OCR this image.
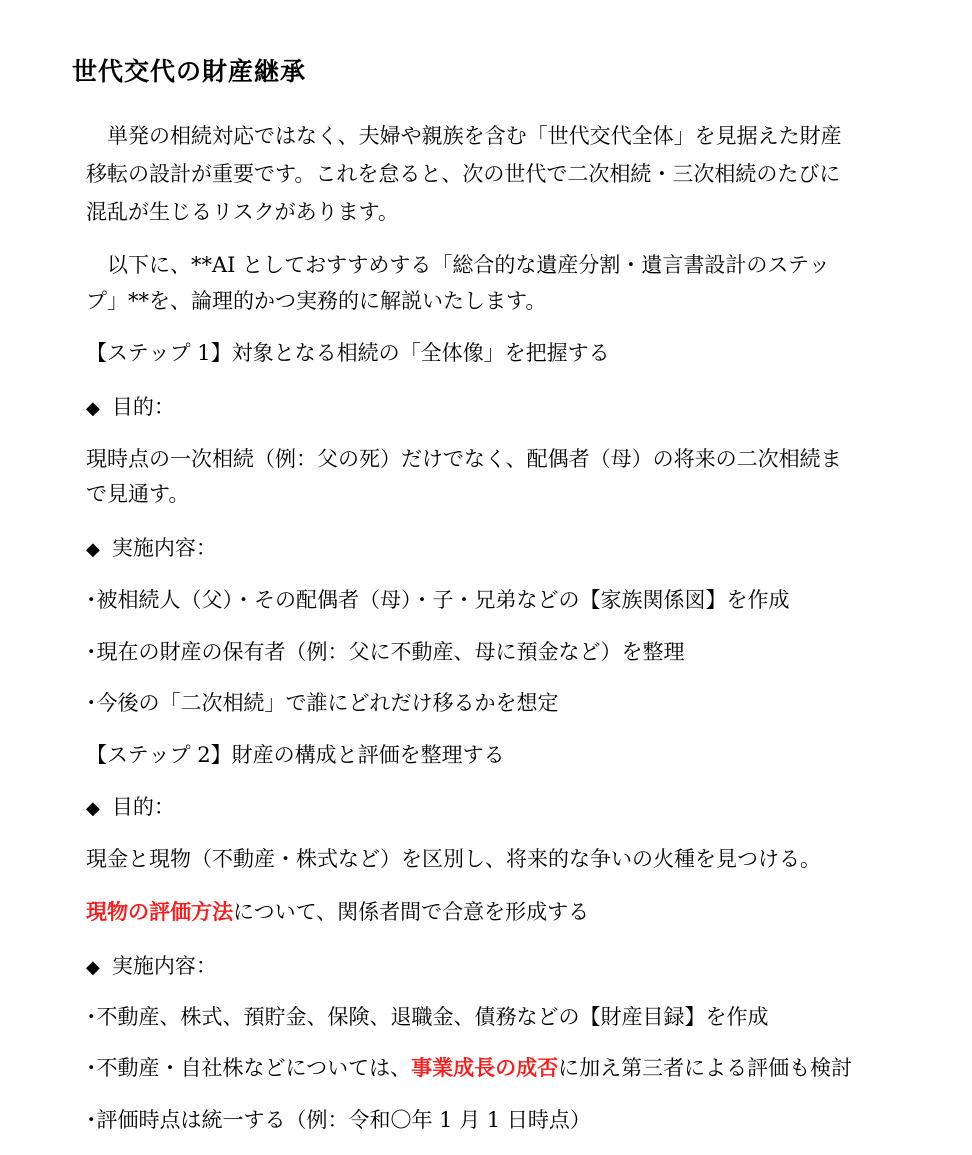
世代交代の財産継承
単発の相続対応ではなく、夫婦や親族を含む「世代交代全体」を見据えた財産
移転の設計が重要です。これを怠ると、次の世代で二次相続・三次相続のたびに
混乱が生じるリスクがあります。
以下に、**AI としておすすめする「総合的な遺産分割・遺言書設計のステッ
プ」**を、論理的かつ実務的に解説いたします。
【ステップ 1】対象となる相続の「全体像」を把握する
◆ 目的：
現時点の一次相続（例：父の死）だけでなく、配偶者（母）の将来の二次相続ま
で見通す。
◆ 実施内容：
･被相続人（父）・その配偶者（母）・子・兄弟などの【家族関係図】を作成
･現在の財産の保有者（例：父に不動産、母に預金など）を整理
･今後の「二次相続」で誰にどれだけ移るかを想定
【ステップ 2】財産の構成と評価を整理する
◆ 目的：
現金と現物（不動産・株式など）を区別し、将来的な争いの火種を見つける。
現物の評価方法について、関係者間で合意を形成する
◆ 実施内容：
･不動産、株式、預貯金、保険、退職金、債務などの【財産目録】を作成
･不動産・自社株などについては、事業成長の成否に加え第三者による評価も検討
･評価時点は統一する（例：令和〇年 1 月 1 日時点）
